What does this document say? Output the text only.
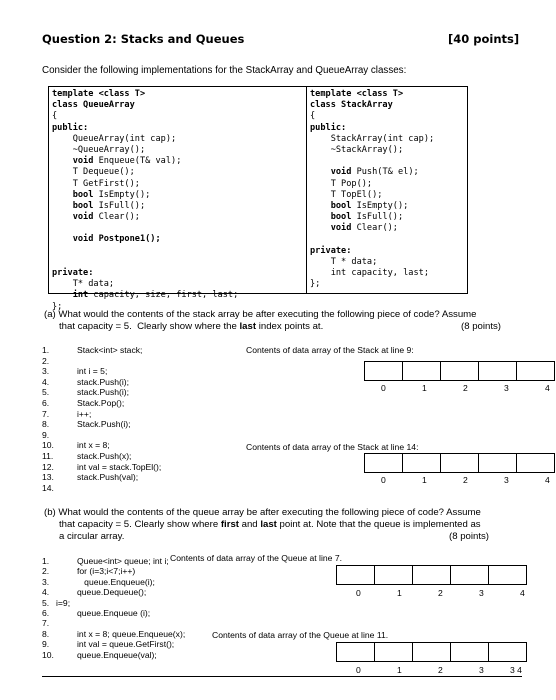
Question 2: Stacks and Queues	[40 points]
Consider the following implementations for the StackArray and QueueArray classes:
template <class T>
class QueueArray
{
public:
QueueArray(int cap);
~QueueArray();
void Enqueue(T& val);
T Dequeue();
T GetFirst();
bool IsEmpty();
bool IsFull();
void Clear();
void Postpone1();
private:
T* data;
int capacity, size, first, last;
};
template <class T>
class StackArray
{
public:
StackArray(int cap);
~StackArray();
void Push(T& el);
T Pop();
T TopEl();
bool IsEmpty();
bool IsFull();
void Clear();
private:
T * data;
int capacity, last;
};
(a) What would the contents of the stack array be after executing the following piece of code? Assume
that capacity = 5.  Clearly show where the last index points at.	(8 points)
1.	Stack<int> stack;
2.
3.	int i = 5;
4.	stack.Push(i);
5.	stack.Push(i);
6.	Stack.Pop();
7.	i++;
8.	Stack.Push(i);
9.
10.	int x = 8;
11.	stack.Push(x);
12.	int val = stack.TopEl();
13.	stack.Push(val);
14.
Contents of data array of the Stack at line 9:
0	1	2	3	4
Contents of data array of the Stack at line 14:
0	1	2	3	4
(b) What would the contents of the queue array be after executing the following piece of code? Assume
that capacity = 5. Clearly show where first and last point at. Note that the queue is implemented as
a circular array.	(8 points)
1.	Queue<int> queue; int i;
2.	for (i=3;i<7;i++)
3.	queue.Enqueue(i);
4.	queue.Dequeue();
5. i=9;
6.	queue.Enqueue (i);
7.
8.	int x = 8; queue.Enqueue(x);
9.	int val = queue.GetFirst();
10.	queue.Enqueue(val);
Contents of data array of the Queue at line 7.
0	1	2	3	4
Contents of data array of the Queue at line 11.
0	1	2	3	3 4
